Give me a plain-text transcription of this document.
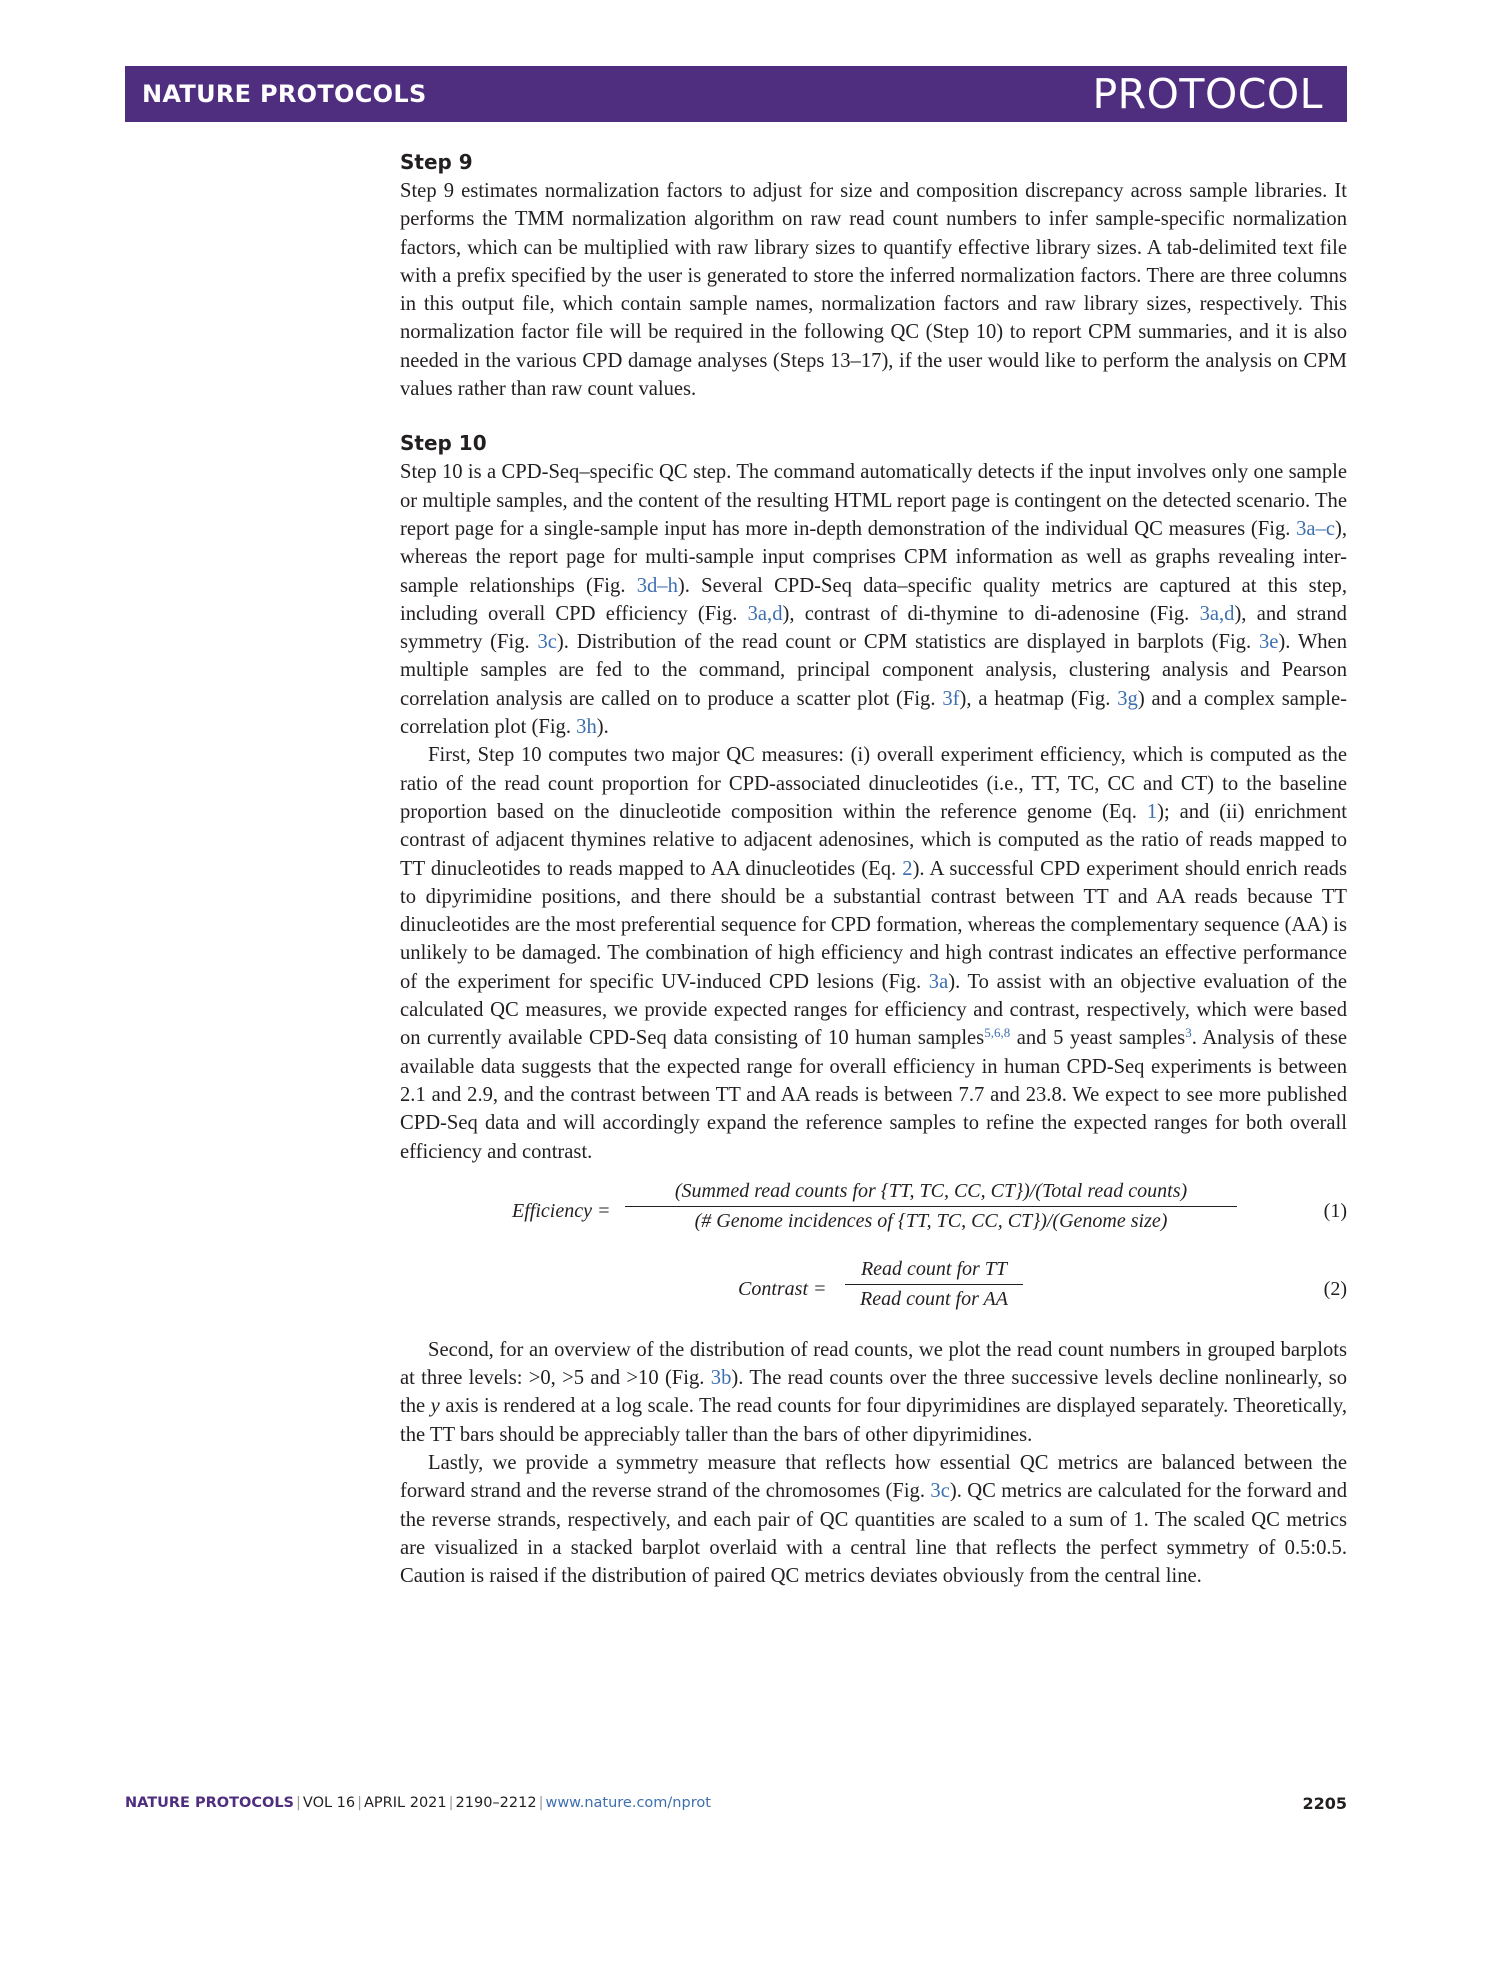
NATURE PROTOCOLS	PROTOCOL
Step 9

Step 9 estimates normalization factors to adjust for size and composition discrepancy across sample libraries. It performs the TMM normalization algorithm on raw read count numbers to infer sample-specific normalization factors, which can be multiplied with raw library sizes to quantify effective library sizes. A tab-delimited text file with a prefix specified by the user is generated to store the inferred normalization factors. There are three columns in this output file, which contain sample names, normalization factors and raw library sizes, respectively. This normalization factor file will be required in the following QC (Step 10) to report CPM summaries, and it is also needed in the various CPD damage analyses (Steps 13–17), if the user would like to perform the analysis on CPM values rather than raw count values.

Step 10

Step 10 is a CPD-Seq–specific QC step. The command automatically detects if the input involves only one sample or multiple samples, and the content of the resulting HTML report page is contingent on the detected scenario. The report page for a single-sample input has more in-depth demonstration of the individual QC measures (Fig. 3a–c), whereas the report page for multi-sample input comprises CPM information as well as graphs revealing inter-sample relationships (Fig. 3d–h). Several CPD-Seq data–specific quality metrics are captured at this step, including overall CPD efficiency (Fig. 3a,d), contrast of di-thymine to di-adenosine (Fig. 3a,d), and strand symmetry (Fig. 3c). Distribution of the read count or CPM statistics are displayed in barplots (Fig. 3e). When multiple samples are fed to the command, principal component analysis, clustering analysis and Pearson correlation analysis are called on to produce a scatter plot (Fig. 3f), a heatmap (Fig. 3g) and a complex sample-correlation plot (Fig. 3h).

First, Step 10 computes two major QC measures: (i) overall experiment efficiency, which is computed as the ratio of the read count proportion for CPD-associated dinucleotides (i.e., TT, TC, CC and CT) to the baseline proportion based on the dinucleotide composition within the reference genome (Eq. 1); and (ii) enrichment contrast of adjacent thymines relative to adjacent adenosines, which is computed as the ratio of reads mapped to TT dinucleotides to reads mapped to AA dinucleotides (Eq. 2). A successful CPD experiment should enrich reads to dipyrimidine positions, and there should be a substantial contrast between TT and AA reads because TT dinucleotides are the most preferential sequence for CPD formation, whereas the complementary sequence (AA) is unlikely to be damaged. The combination of high efficiency and high contrast indicates an effective performance of the experiment for specific UV-induced CPD lesions (Fig. 3a). To assist with an objective evaluation of the calculated QC measures, we provide expected ranges for efficiency and contrast, respectively, which were based on currently available CPD-Seq data consisting of 10 human samples$^{5,6,8}$ and 5 yeast samples$^3$. Analysis of these available data suggests that the expected range for overall efficiency in human CPD-Seq experiments is between 2.1 and 2.9, and the contrast between TT and AA reads is between 7.7 and 23.8. We expect to see more published CPD-Seq data and will accordingly expand the reference samples to refine the expected ranges for both overall efficiency and contrast.

Efficiency =
(Summed read counts for {TT, TC, CC, CT})/(Total read counts)
(# Genome incidences of {TT, TC, CC, CT})/(Genome size)	(1)
Contrast =
Read count for TT
Read count for AA	(2)

Second, for an overview of the distribution of read counts, we plot the read count numbers in grouped barplots at three levels: >0, >5 and >10 (Fig. 3b). The read counts over the three successive levels decline nonlinearly, so the y axis is rendered at a log scale. The read counts for four dipyrimidines are displayed separately. Theoretically, the TT bars should be appreciably taller than the bars of other dipyrimidines.

Lastly, we provide a symmetry measure that reflects how essential QC metrics are balanced between the forward strand and the reverse strand of the chromosomes (Fig. 3c). QC metrics are calculated for the forward and the reverse strands, respectively, and each pair of QC quantities are scaled to a sum of 1. The scaled QC metrics are visualized in a stacked barplot overlaid with a central line that reflects the perfect symmetry of 0.5:0.5. Caution is raised if the distribution of paired QC metrics deviates obviously from the central line.

NATURE PROTOCOLS | VOL 16 | APRIL 2021 | 2190–2212 | www.nature.com/nprot	2205
